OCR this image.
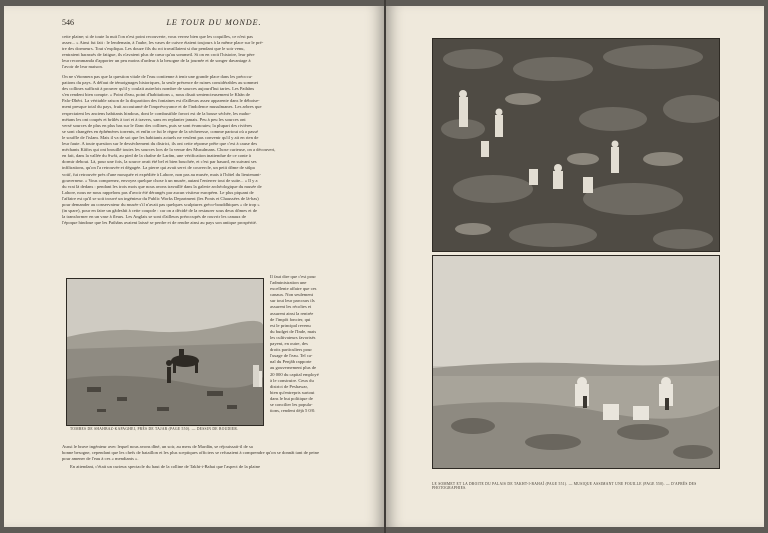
546	LE TOUR DU MONDE.
cette plaine; si de toute la nuit l'on n'est point recouverte, vous verrez bien que les coquilles, ce n'est pas
assez... » Ainsi fut fait : le lendemain, à l'aube, les vases de cuivre étaient toujours à la même place sur le pré-
tre des dormeurs. Tout s'expliqua. Les douze fils du roi travaillaient si dur pendant que le soir venu,
rentraient harassés de fatigue, ils n'avaient plus de cœur qu'au sommeil. Si on en croit l'histoire, leur père
leur recommanda d'apporter un peu moins d'ardeur à la besogne de la journée et de songer davantage à
l'avoir de leur maison.
On ne s'étonnera pas que la question vitale de l'eau contienne à tenir une grande place dans les préoccu-
pations du pays. A défaut de témoignages historiques, la seule présence de ruines considérables au sommet
des collines suffirait à prouver qu'il y coulait autrefois nombre de sources aujourd'hui taries. Les Pathâns
s'en rendent bien compte. « Point d'eau, point d'habitations », nous disait sentencieusement le Khân de
Palo-Dhêri. La véritable raison de la disparition des fontaines est d'ailleurs assez apparente dans le déboise-
ment presque total du pays, fruit accoutumé de l'imprévoyance et de l'indolence musulmanes. Les arbres que
respectaient les anciens habitants hindous, dont le combustible favori est de la bouse séchée, les maho-
métans les ont coupés et brûlés à tort et à travers, sans en replanter jamais. Peu à peu les sources ont
versé sources de plus en plus bas sur le flanc des collines, puis se sont évanouies; la plupart des rivières
se sont changées en éphémères torrents, et enfin ce fut le règne de la sécheresse, comme partout où a passé
le souffle de l'islam. Mais il va de soi que les habitants actuels ne veulent pas convenir qu'il y ait en rien de
leur faute. A toute question sur le dessèchement du district, ils ont cette réponse prête que c'est à cause des
méchants Kâfirs qui ont brouillé toutes les sources lors de la venue des Musulmans. Chose curieuse, on a découvert,
en fait, dans la vallée du Swât, au pied de la chaîne de Larâm, une vérification inattendue de ce conte à
dormir debout. Là, pour une fois, la source avait été bel et bien bouchée, et c'est par hasard, en suivant ses
infiltrations, qu'on l'a retrouvée et dégagée. La pierre qui avait servi de couvercle, un petit dôme de stûpa
votif, fut retrouvée près d'une mosquée et expédiée à Lahore, non pas au musée, mais à l'hôtel du lieutenant-
gouverneur. « Vous comprenez, envoyez quelque chose à un musée, autant l'enterrer tout de suite... « Il y a
du vrai là dedans : pendant les trois mois que nous avons travaillé dans la galerie archéologique du musée de
Lahore, nous ne nous rappelons pas d'avoir été dérangés par aucun visiteur européen. Le plus piquant de
l'affaire est qu'il se soit trouvé un ingénieur du Public Works Department (les Ponts et Chaussées de là-bas)
pour demander au conservateur du musée s'il n'avait pas quelques sculptures gréco-bouddhiques « de trop »
(in spare), pour en faire un gâdeshit à cette coupole : car on a décidé de la restaurer sous deux dômes et de
la transformer en un vase à fleurs. Les Anglais se sont d'ailleurs préoccupés de rouvrir les canaux de
l'époque hindoue que les Pathâns avaient laissé se perdre et de rendre ainsi au pays son antique prospérité.
TOMBES DE SHAHBAZ-KAPAGHEI, PRÈS DE TAJAR (PAGE 550). — DESSIN DE BOUDIER.
Il faut dire que c'est pour
l'administration une
excellente affaire que ces
canaux. Non seulement
sur tout leur parcours ils
assurent les récoltes et
assurent ainsi la rentrée
de l'impôt foncier, qui
est le principal revenu
du budget de l'Inde, mais
les cultivateurs favorisés
payent, en outre, des
droits particuliers pour
l'usage de l'eau. Tel ca-
nal du Penjâb rapporte
au gouvernement plus de
20 000 du capital employé
à le construire. Ceux du
district de Peshawar,
bien qu'entrepris surtout
dans le but politique de
se concilier les popula-
tions, rendent déjà 5 0/0.
Aussi le brave ingénieur avec lequel nous avons dîné, un soir, au mess de Mardân, se réjouissait-il de sa
bonne besogne, cependant que les chefs de bataillon et les plus sceptiques officiers se refusaient à comprendre qu'on se donnât tant de peine
pour amener de l'eau à ces « mendiants ».

En attendant, c'était un curieux spectacle du haut de la colline de Takht-i-Bahai que l'aspect de la plaine

LE SOMMET ET LA DROITE DU PALAIS DE TAKHT-I-BAHAÏ (PAGE 551). — MUSIQUE ASSIMANT UNE FOUILLE (PAGE 550). — D'APRÈS DES PHOTOGRAPHIES.
